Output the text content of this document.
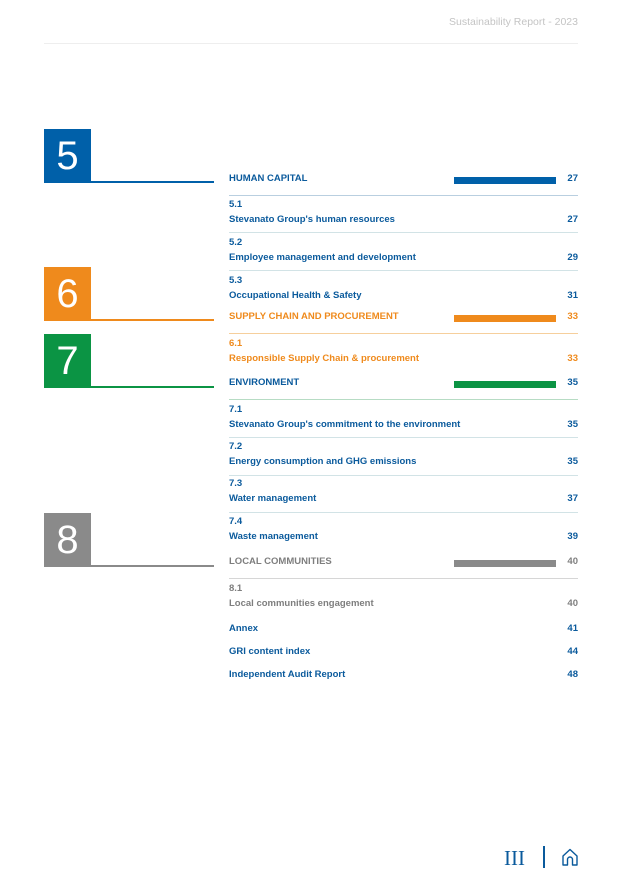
Sustainability Report - 2023
5
6
7
8
HUMAN CAPITAL	27
5.1
Stevanato Group's human resources	27
5.2
Employee management and development	29
5.3
Occupational Health & Safety	31
SUPPLY CHAIN AND PROCUREMENT	33
6.1
Responsible Supply Chain & procurement	33
ENVIRONMENT	35
7.1
Stevanato Group's commitment to the environment	35
7.2
Energy consumption and GHG emissions	35
7.3
Water management	37
7.4
Waste management	39
LOCAL COMMUNITIES	40
8.1
Local communities engagement	40
Annex	41
GRI content index	44
Independent Audit Report	48
III
